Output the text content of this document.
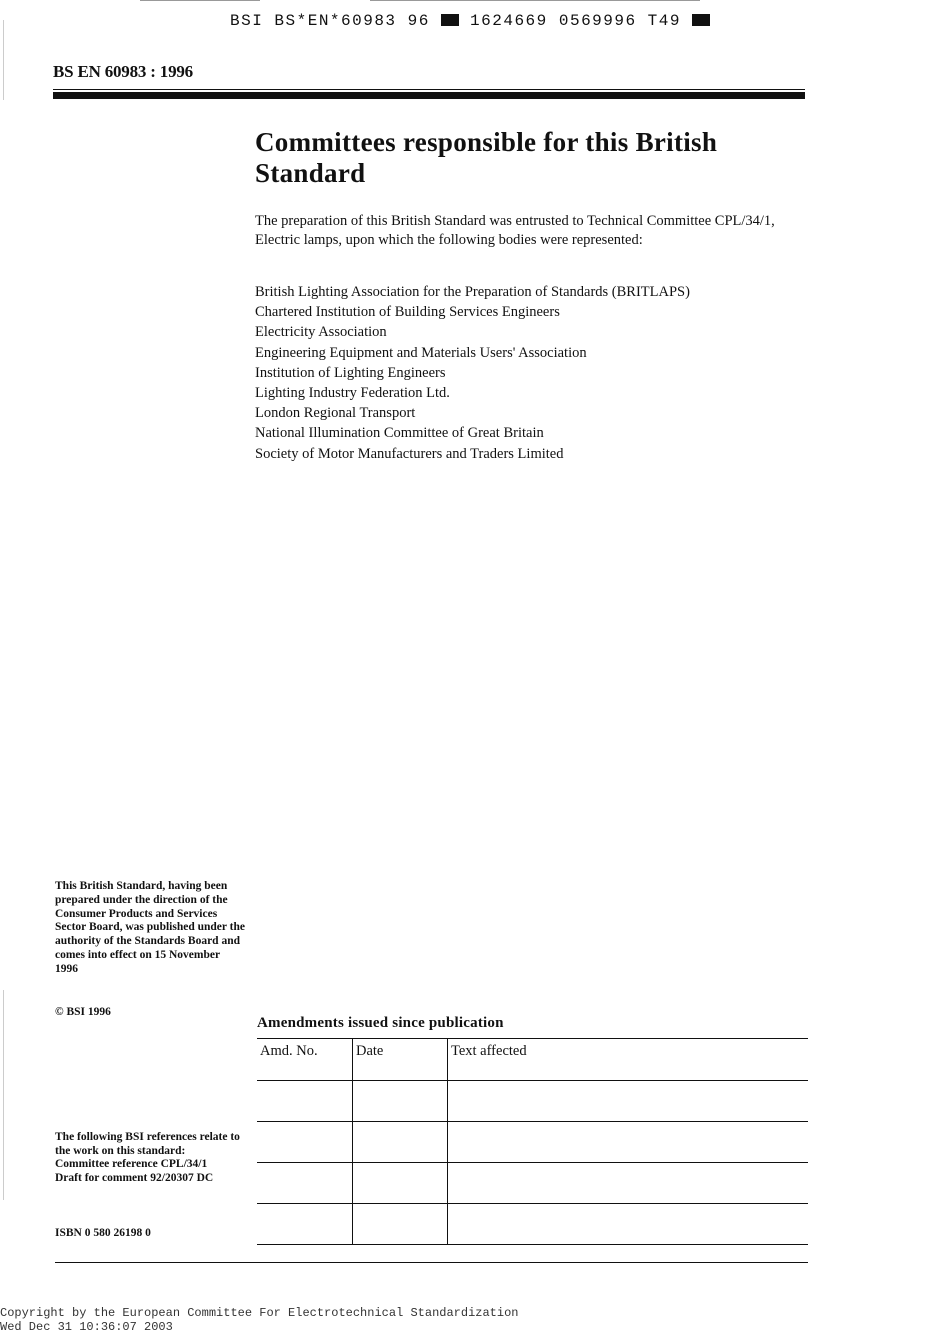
BSI BS*EN*60983 96	1624669 0569996 T49
BS EN 60983 : 1996
Committees responsible for this British Standard
The preparation of this British Standard was entrusted to Technical Committee CPL/34/1, Electric lamps, upon which the following bodies were represented:
British Lighting Association for the Preparation of Standards (BRITLAPS)
Chartered Institution of Building Services Engineers
Electricity Association
Engineering Equipment and Materials Users' Association
Institution of Lighting Engineers
Lighting Industry Federation Ltd.
London Regional Transport
National Illumination Committee of Great Britain
Society of Motor Manufacturers and Traders Limited
This British Standard, having been prepared under the direction of the Consumer Products and Services Sector Board, was published under the authority of the Standards Board and comes into effect on 15 November 1996
© BSI 1996
Amendments issued since publication
Amd. No.	Date	Text affected

The following BSI references relate to the work on this standard:
Committee reference CPL/34/1
Draft for comment 92/20307 DC
ISBN 0 580 26198 0
Copyright by the European Committee For Electrotechnical Standardization
Wed Dec 31 10:36:07 2003
